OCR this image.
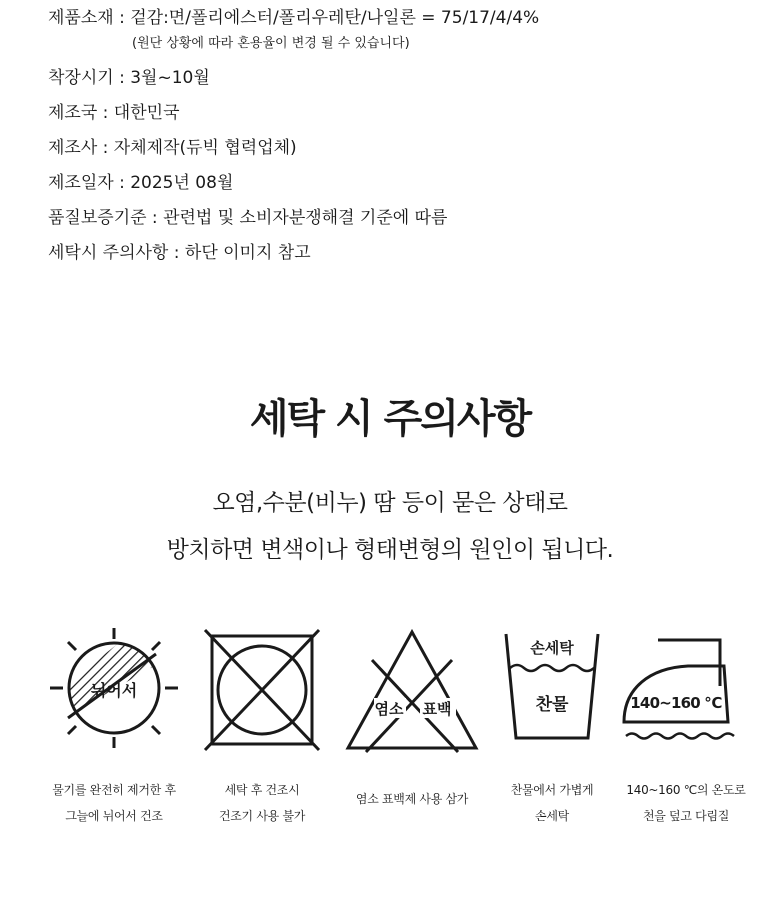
제품소재 : 겉감:면/폴리에스터/폴리우레탄/나일론 = 75/17/4/4%
(원단 상황에 따라 혼용율이 변경 될 수 있습니다)
착장시기 : 3월~10월
제조국 : 대한민국
제조사 : 자체제작(듀빅 협력업체)
제조일자 : 2025년 08월
품질보증기준 : 관련법 및 소비자분쟁해결 기준에 따름
세탁시 주의사항 : 하단 이미지 참고
세탁 시 주의사항
오염,수분(비누) 땀 등이 묻은 상태로
방치하면 변색이나 형태변형의 원인이 됩니다.
뉘어서
염소 표백
손세탁
찬물	140~160 ℃
물기를 완전히 제거한 후
그늘에 뉘어서 건조
세탁 후 건조시
건조기 사용 불가
염소 표백제 사용 삼가
찬물에서 가볍게
손세탁
140~160 ℃의 온도로
천을 덮고 다림질
